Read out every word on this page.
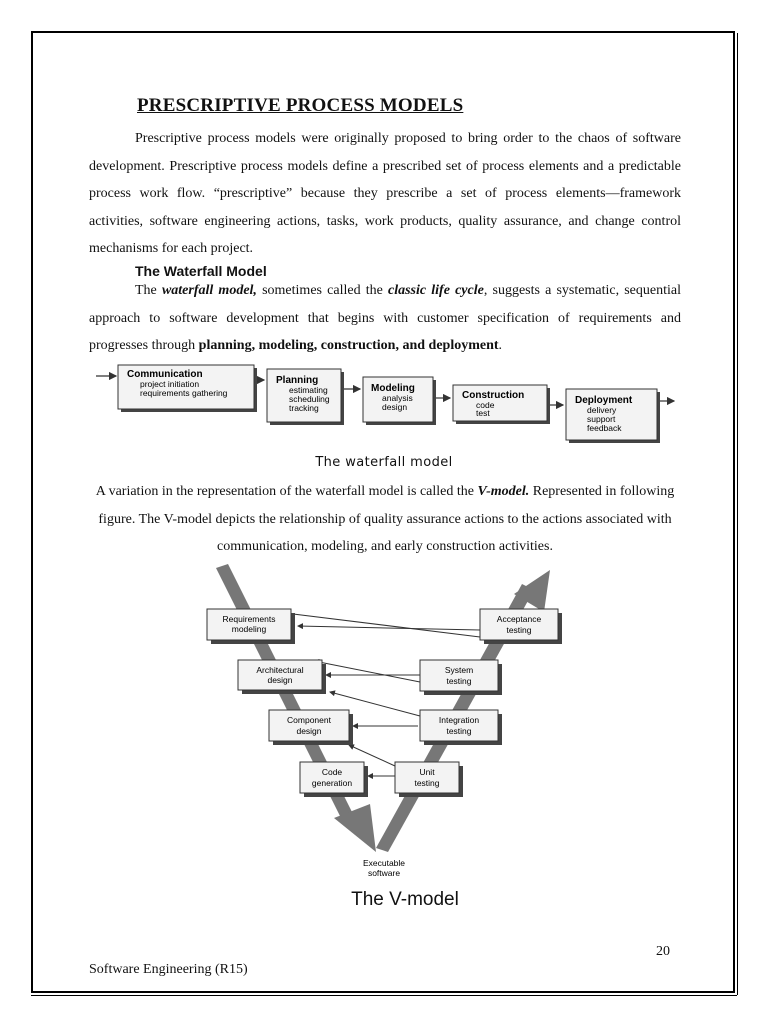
PRESCRIPTIVE PROCESS MODELS

Prescriptive process models were originally proposed to bring order to the chaos of software development. Prescriptive process models define a prescribed set of process elements and a predictable process work flow. “prescriptive” because they prescribe a set of process elements—framework activities, software engineering actions, tasks, work products, quality assurance, and change control mechanisms for each project.

The Waterfall Model

The waterfall model, sometimes called the classic life cycle, suggests a systematic, sequential approach to software development that begins with customer specification of requirements and progresses through planning, modeling, construction, and deployment.

Communication
project initiation
requirements gathering
Planning
estimating
scheduling
tracking
Modeling
analysis
design
Construction
code
test
Deployment
delivery
support
feedback
The waterfall model

A variation in the representation of the waterfall model is called the V-model. Represented in following figure. The V-model depicts the relationship of quality assurance actions to the actions associated with communication, modeling, and early construction activities.

Requirements
modeling
Architectural
design
Component
design
Code
generation
Acceptance
testing
System
testing
Integration
testing
Unit
testing
Executable
software
The V-model
20
Software Engineering (R15)
